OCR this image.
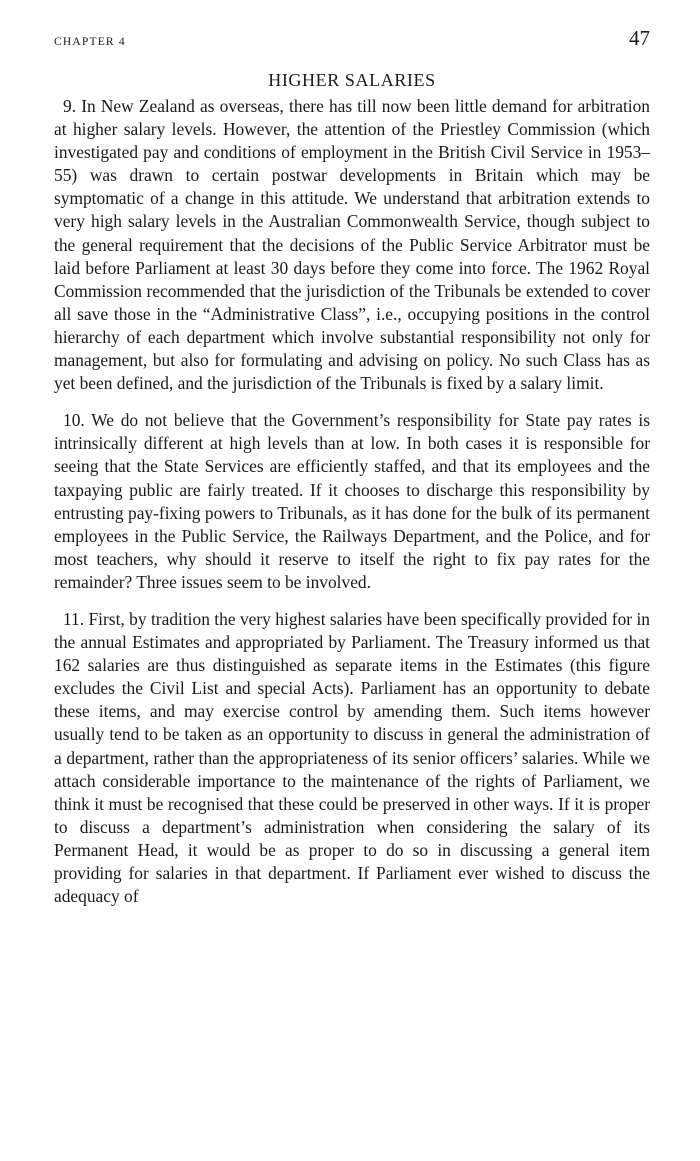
CHAPTER 4	47
HIGHER SALARIES

9. In New Zealand as overseas, there has till now been little demand for arbitration at higher salary levels. However, the attention of the Priestley Commission (which investigated pay and conditions of employment in the British Civil Service in 1953–55) was drawn to certain postwar developments in Britain which may be symptomatic of a change in this attitude. We understand that arbitration extends to very high salary levels in the Australian Commonwealth Service, though subject to the general requirement that the decisions of the Public Service Arbitrator must be laid before Parliament at least 30 days before they come into force. The 1962 Royal Commission recommended that the jurisdiction of the Tribunals be extended to cover all save those in the “Administrative Class”, i.e., occupying positions in the control hierarchy of each department which involve substantial responsibility not only for management, but also for formulating and advising on policy. No such Class has as yet been defined, and the jurisdiction of the Tribunals is fixed by a salary limit.

10. We do not believe that the Government’s responsibility for State pay rates is intrinsically different at high levels than at low. In both cases it is responsible for seeing that the State Services are efficiently staffed, and that its employees and the taxpaying public are fairly treated. If it chooses to discharge this responsibility by entrusting pay-fixing powers to Tribunals, as it has done for the bulk of its permanent employees in the Public Service, the Railways Department, and the Police, and for most teachers, why should it reserve to itself the right to fix pay rates for the remainder? Three issues seem to be involved.

11. First, by tradition the very highest salaries have been specifically provided for in the annual Estimates and appropriated by Parliament. The Treasury informed us that 162 salaries are thus distinguished as separate items in the Estimates (this figure excludes the Civil List and special Acts). Parliament has an opportunity to debate these items, and may exercise control by amending them. Such items however usually tend to be taken as an opportunity to discuss in general the administration of a department, rather than the appropriateness of its senior officers’ salaries. While we attach considerable importance to the maintenance of the rights of Parliament, we think it must be recognised that these could be preserved in other ways. If it is proper to discuss a department’s administration when considering the salary of its Permanent Head, it would be as proper to do so in discussing a general item providing for salaries in that department. If Parliament ever wished to discuss the adequacy of
